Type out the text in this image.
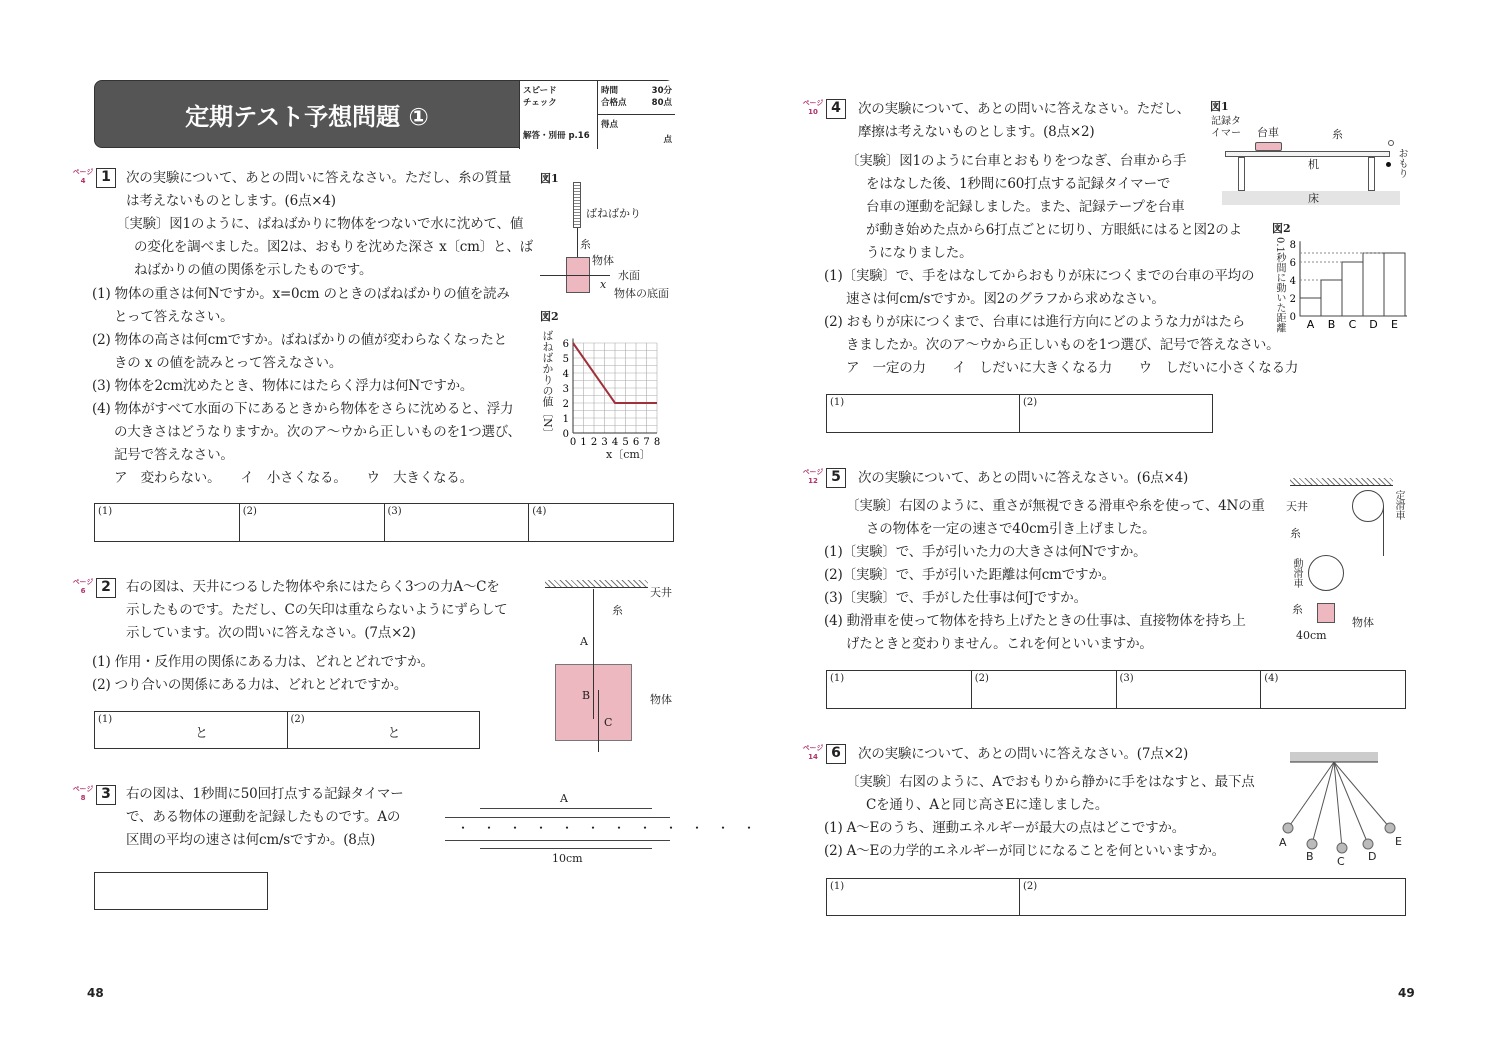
定期テスト予想問題 ①
スピード チェック
解答・別冊 p.16
時間	30分
合格点	80点
得点
点
ページ 4	1	次の実験について、あとの問いに答えなさい。ただし、糸の質量
は考えないものとします。(6点×4)
〔実験〕図1のように、ばねばかりに物体をつないで水に沈めて、値
の変化を調べました。図2は、おもりを沈めた深さ x〔cm〕と、ば
ねばかりの値の関係を示したものです。
(1) 物体の重さは何Nですか。x=0cm のときのばねばかりの値を読み
とって答えなさい。
(2) 物体の高さは何cmですか。ばねばかりの値が変わらなくなったと
きの x の値を読みとって答えなさい。
(3) 物体を2cm沈めたとき、物体にはたらく浮力は何Nですか。
(4) 物体がすべて水面の下にあるときから物体をさらに沈めると、浮力
の大きさはどうなりますか。次のア〜ウから正しいものを1つ選び、
記号で答えなさい。
ア　変わらない。　　イ　小さくなる。　　ウ　大きくなる。
図1
ばねばかり
糸
物体
水面
x
物体の底面
図2
ばねばかりの値〔N〕 0
1
2
3
4
5
6
0 1 2 3 4 5 6 7 8
x〔cm〕
(1)	(2)	(3)	(4)
ページ 6	2	右の図は、天井につるした物体や糸にはたらく3つの力A〜Cを
示したものです。ただし、Cの矢印は重ならないようにずらして
示しています。次の問いに答えなさい。(7点×2)
(1) 作用・反作用の関係にある力は、どれとどれですか。
(2) つり合いの関係にある力は、どれとどれですか。
天井
糸
A
B
C
物体
(1)
と
(2)
と
ページ 8	3	右の図は、1秒間に50回打点する記録タイマー
で、ある物体の運動を記録したものです。Aの
区間の平均の速さは何cm/sですか。(8点)
A
・・・・・・・・・・・・
10cm
48
ページ 10 4	次の実験について、あとの問いに答えなさい。ただし、
摩擦は考えないものとします。(8点×2)
〔実験〕図1のように台車とおもりをつなぎ、台車から手
をはなした後、1秒間に60打点する記録タイマーで
台車の運動を記録しました。また、記録テープを台車
が動き始めた点から6打点ごとに切り、方眼紙にはると図2のよ
うになりました。
(1)〔実験〕で、手をはなしてからおもりが床につくまでの台車の平均の
速さは何cm/sですか。図2のグラフから求めなさい。
(2) おもりが床につくまで、台車には進行方向にどのような力がはたら
きましたか。次のア〜ウから正しいものを1つ選び、記号で答えなさい。
ア　一定の力　　イ　しだいに大きくなる力　　ウ　しだいに小さくなる力
図1
記録タイマー 台車	糸
机	おもり
床
図2
0.1秒間に動いた距離 0
2
4
6
8
A B C D E
(1)	(2)
ページ 12 5	次の実験について、あとの問いに答えなさい。(6点×4)
〔実験〕右図のように、重さが無視できる滑車や糸を使って、4Nの重
さの物体を一定の速さで40cm引き上げました。
(1)〔実験〕で、手が引いた力の大きさは何Nですか。
(2)〔実験〕で、手が引いた距離は何cmですか。
(3)〔実験〕で、手がした仕事は何Jですか。
(4) 動滑車を使って物体を持ち上げたときの仕事は、直接物体を持ち上
げたときと変わりません。これを何といいますか。
天井	定滑車
糸
動滑車
糸
物体
40cm
(1)	(2)	(3)	(4)
ページ 14 6	次の実験について、あとの問いに答えなさい。(7点×2)
〔実験〕右図のように、Aでおもりから静かに手をはなすと、最下点
Cを通り、Aと同じ高さEに達しました。
(1) A〜Eのうち、運動エネルギーが最大の点はどこですか。
(2) A〜Eの力学的エネルギーが同じになることを何といいますか。
A
B C D
E
(1)	(2)
49
